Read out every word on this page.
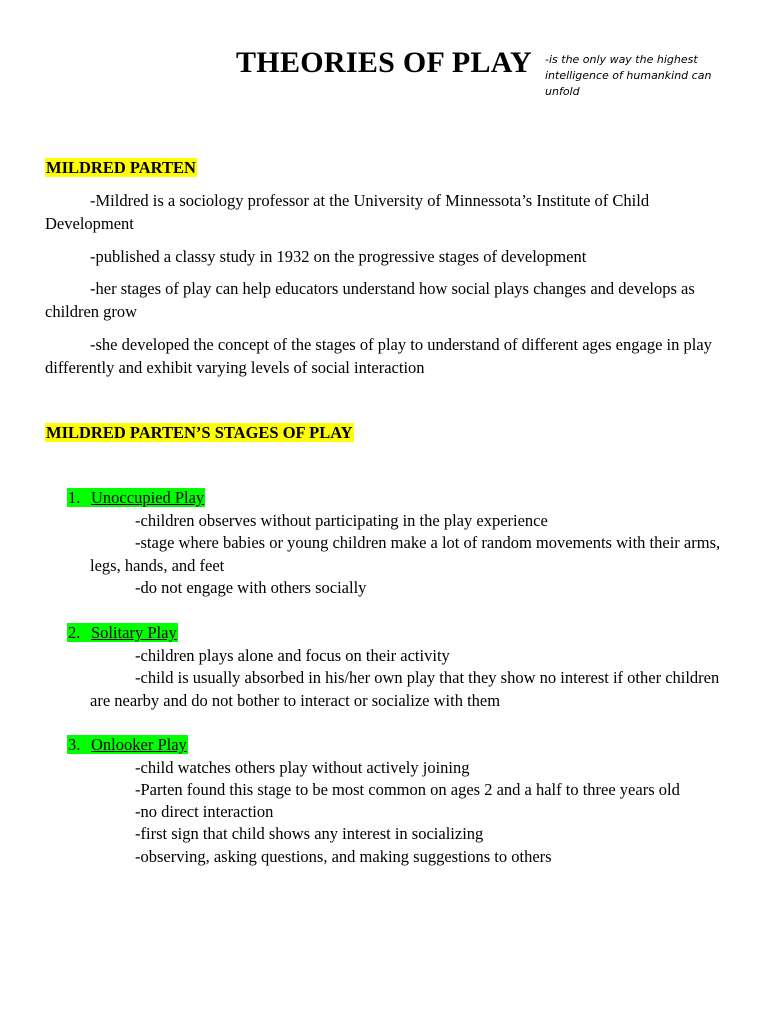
THEORIES OF PLAY -is the only way the highest intelligence of humankind can unfold
MILDRED PARTEN
-Mildred is a sociology professor at the University of Minnessota’s Institute of Child Development
-published a classy study in 1932 on the progressive stages of development
-her stages of play can help educators understand how social plays changes and develops as children grow
-she developed the concept of the stages of play to understand of different ages engage in play differently and exhibit varying levels of social interaction
MILDRED PARTEN’S STAGES OF PLAY
1. Unoccupied Play
-children observes without participating in the play experience
-stage where babies or young children make a lot of random movements with their arms, legs, hands, and feet
-do not engage with others socially
2. Solitary Play
-children plays alone and focus on their activity
-child is usually absorbed in his/her own play that they show no interest if other children are nearby and do not bother to interact or socialize with them
3. Onlooker Play
-child watches others play without actively joining
-Parten found this stage to be most common on ages 2 and a half to three years old
-no direct interaction
-first sign that child shows any interest in socializing
-observing, asking questions, and making suggestions to others
